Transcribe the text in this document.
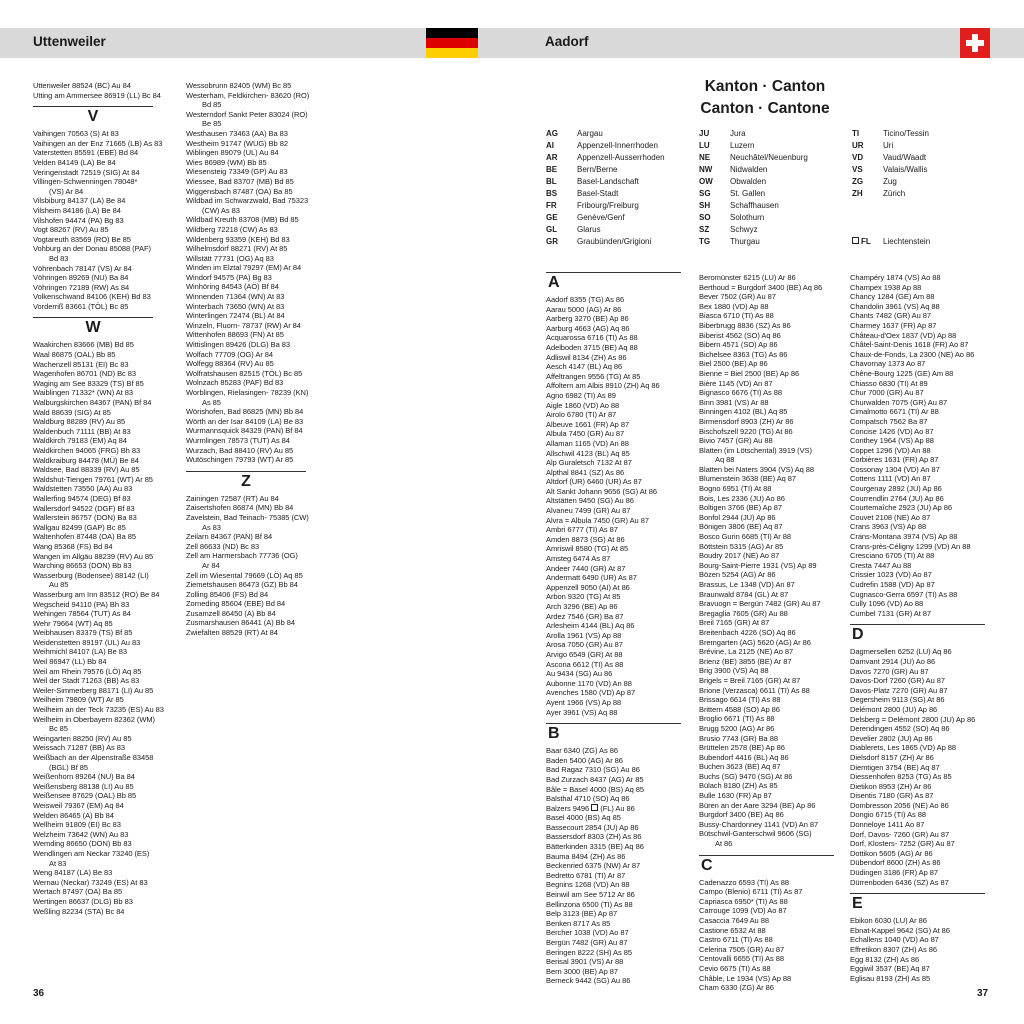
Uttenweiler	Aadorf
Uttenweiler 88524 (BC) Au 84
Utting am Ammersee 86919 (LL) Bc 84
V
Vaihingen 70563 (S) At 83
Vaihingen an der Enz 71665 (LB) As 83
Vaterstetten 85591 (EBE) Bd 84
Velden 84149 (LA) Be 84
Veringenstadt 72519 (SIG) At 84
Villingen-Schwenningen 78048*
(VS) Ar 84
Vilsbiburg 84137 (LA) Be 84
Vilsheim 84186 (LA) Be 84
Vilshofen 94474 (PA) Bg 83
Vogt 88267 (RV) Au 85
Vogtareuth 83569 (RO) Be 85
Vohburg an der Donau 85088 (PAF)
Bd 83
Vöhrenbach 78147 (VS) Ar 84
Vöhringen 89269 (NU) Ba 84
Vöhringen 72189 (RW) As 84
Volkenschwand 84106 (KEH) Bd 83
Vorderriß 83661 (TÖL) Bc 85
W
Waakirchen 83666 (MB) Bd 85
Waal 86875 (OAL) Bb 85
Wachenzell 85131 (EI) Bc 83
Wagenhofen 86701 (ND) Bc 83
Waging am See 83329 (TS) Bf 85
Waiblingen 71332* (WN) At 83
Walburgskirchen 84367 (PAN) Bf 84
Wald 88639 (SIG) At 85
Waldburg 88289 (RV) Au 85
Waldenbuch 71111 (BB) At 83
Waldkirch 79183 (EM) Aq 84
Waldkirchen 94065 (FRG) Bh 83
Waldkraiburg 84478 (MÜ) Be 84
Waldsee, Bad 88339 (RV) Au 85
Waldshut-Tiengen 79761 (WT) Ar 85
Waldstetten 73550 (AA) Au 83
Wallerfing 94574 (DEG) Bf 83
Wallersdorf 94522 (DGF) Bf 83
Wallerstein 86757 (DON) Ba 83
Wallgau 82499 (GAP) Bc 85
Waltenhofen 87448 (OA) Ba 85
Wang 85368 (FS) Bd 84
Wangen im Allgäu 88239 (RV) Au 85
Warching 86653 (DON) Bb 83
Wasserburg (Bodensee) 88142 (LI)
Au 85
Wasserburg am Inn 83512 (RO) Be 84
Wegscheid 94110 (PA) Bh 83
Wehingen 78564 (TUT) As 84
Wehr 79664 (WT) Aq 85
Weibhausen 83379 (TS) Bf 85
Weidenstetten 89197 (UL) Au 83
Weihmichl 84107 (LA) Be 83
Weil 86947 (LL) Bb 84
Weil am Rhein 79576 (LÖ) Aq 85
Weil der Stadt 71263 (BB) As 83
Weiler-Simmerberg 88171 (LI) Au 85
Weilheim 79809 (WT) Ar 85
Weilheim an der Teck 73235 (ES) Au 83
Weilheim in Oberbayern 82362 (WM)
Bc 85
Weingarten 88250 (RV) Au 85
Weissach 71287 (BB) As 83
Weißbach an der Alpenstraße 83458
(BGL) Bf 85
Weißenhorn 89264 (NU) Ba 84
Weißensberg 88138 (LI) Au 85
Weißensee 87629 (OAL) Bb 85
Weisweil 79367 (EM) Aq 84
Welden 86465 (A) Bb 84
Wellheim 91809 (EI) Bc 83
Welzheim 73642 (WN) Au 83
Wemding 86650 (DON) Bb 83
Wendlingen am Neckar 73240 (ES)
At 83
Weng 84187 (LA) Be 83
Wernau (Neckar) 73249 (ES) At 83
Wertach 87497 (OA) Ba 85
Wertingen 86637 (DLG) Bb 83
Weßling 82234 (STA) Bc 84
Wessobrunn 82405 (WM) Bc 85
Westerham, Feldkirchen- 83620 (RO)
Bd 85
Westerndorf Sankt Peter 83024 (RO)
Be 85
Westhausen 73463 (AA) Ba 83
Westheim 91747 (WUG) Bb 82
Wiblingen 89079 (UL) Au 84
Wies 86989 (WM) Bb 85
Wiesensteig 73349 (GP) Au 83
Wiessee, Bad 83707 (MB) Bd 85
Wiggensbach 87487 (OA) Ba 85
Wildbad im Schwarzwald, Bad 75323
(CW) As 83
Wildbad Kreuth 83708 (MB) Bd 85
Wildberg 72218 (CW) As 83
Wildenberg 93359 (KEH) Bd 83
Wilhelmsdorf 88271 (RV) At 85
Willstätt 77731 (OG) Aq 83
Winden im Elztal 79297 (EM) Ar 84
Windorf 94575 (PA) Bg 83
Winhöring 84543 (AÖ) Bf 84
Winnenden 71364 (WN) At 83
Winterbach 73650 (WN) At 83
Winterlingen 72474 (BL) At 84
Winzeln, Fluorn- 78737 (RW) Ar 84
Wittenhofen 88693 (FN) At 85
Wittislingen 89426 (DLG) Ba 83
Wolfach 77709 (OG) Ar 84
Wolfegg 88364 (RV) Au 85
Wolfratshausen 82515 (TÖL) Bc 85
Wolnzach 85283 (PAF) Bd 83
Worblingen, Rielasingen- 78239 (KN)
As 85
Wörishofen, Bad 86825 (MN) Bb 84
Wörth an der Isar 84109 (LA) Be 83
Wurmannsquick 84329 (PAN) Bf 84
Wurmlingen 78573 (TUT) As 84
Wurzach, Bad 88410 (RV) Au 85
Wutöschingen 79793 (WT) Ar 85
Z
Zainingen 72587 (RT) Au 84
Zaisertshofen 86874 (MN) Bb 84
Zavelstein, Bad Teinach- 75385 (CW)
As 83
Zeilarn 84367 (PAN) Bf 84
Zell 86633 (ND) Bc 83
Zell am Harmersbach 77736 (OG)
Ar 84
Zell im Wiesental 79669 (LÖ) Aq 85
Ziemetshausen 86473 (GZ) Bb 84
Zolling 85406 (FS) Bd 84
Zorneding 85604 (EBE) Bd 84
Zusamzell 86450 (A) Bb 84
Zusmarshausen 86441 (A) Bb 84
Zwiefalten 88529 (RT) At 84
Kanton · Canton
Canton · Cantone
AG	Aargau
AI	Appenzell-Innerrhoden
AR	Appenzell-Ausserrhoden
BE	Bern/Berne
BL	Basel-Landschaft
BS	Basel-Stadt
FR	Fribourg/Freiburg
GE	Genève/Genf
GL	Glarus
GR	Graubünden/Grigioni
JU	Jura
LU	Luzern
NE	Neuchâtel/Neuenburg
NW	Nidwalden
OW	Obwalden
SG	St. Gallen
SH	Schaffhausen
SO	Solothurn
SZ	Schwyz
TG	Thurgau
TI	Ticino/Tessin
UR	Uri
VD	Vaud/Waadt
VS	Valais/Wallis
ZG	Zug
ZH	Zürich

FL	Liechtenstein
A
Aadorf 8355 (TG) As 86
Aarau 5000 (AG) Ar 86
Aarberg 3270 (BE) Ap 86
Aarburg 4663 (AG) Aq 86
Acquarossa 6716 (TI) As 88
Adelboden 3715 (BE) Aq 88
Adliswil 8134 (ZH) As 86
Aesch 4147 (BL) Aq 86
Affeltrangen 9556 (TG) At 85
Affoltern am Albis 8910 (ZH) Aq 86
Agno 6982 (TI) As 89
Aigle 1860 (VD) Ao 88
Airolo 6780 (TI) Ar 87
Albeuve 1661 (FR) Ap 87
Albula 7450 (GR) Au 87
Allaman 1165 (VD) An 88
Allschwil 4123 (BL) Aq 85
Alp Guraletsch 7132 At 87
Alpthal 8841 (SZ) As 86
Altdorf (UR) 6460 (UR) As 87
Alt Sankt Johann 9656 (SG) At 86
Altstätten 9450 (SG) Au 86
Alvaneu 7499 (GR) Au 87
Alvra = Albula 7450 (GR) Au 87
Ambri 6777 (TI) As 87
Amden 8873 (SG) At 86
Amriswil 8580 (TG) At 85
Amsteg 6474 As 87
Andeer 7440 (GR) At 87
Andermatt 6490 (UR) As 87
Appenzell 9050 (AI) At 86
Arbon 9320 (TG) At 85
Arch 3296 (BE) Ap 86
Ardez 7546 (GR) Ba 87
Arlesheim 4144 (BL) Aq 86
Arolla 1961 (VS) Ap 88
Arosa 7050 (GR) Au 87
Arvigo 6549 (GR) At 88
Ascona 6612 (TI) As 88
Au 9434 (SG) Au 86
Aubonne 1170 (VD) An 88
Avenches 1580 (VD) Ap 87
Ayent 1966 (VS) Ap 88
Ayer 3961 (VS) Aq 88
B
Baar 6340 (ZG) As 86
Baden 5400 (AG) Ar 86
Bad Ragaz 7310 (SG) Au 86
Bad Zurzach 8437 (AG) Ar 85
Bâle = Basel 4000 (BS) Aq 85
Balsthal 4710 (SO) Aq 86
Balzers 9496  (FL) Au 86
Basel 4000 (BS) Aq 85
Bassecourt 2854 (JU) Ap 86
Bassersdorf 8303 (ZH) As 86
Bätterkinden 3315 (BE) Aq 86
Bauma 8494 (ZH) As 86
Beckenried 6375 (NW) Ar 87
Bedretto 6781 (TI) Ar 87
Begnins 1268 (VD) An 88
Beinwil am See 5712 Ar 86
Bellinzona 6500 (TI) As 88
Belp 3123 (BE) Ap 87
Benken 8717 As 85
Bercher 1038 (VD) Ao 87
Bergün 7482 (GR) Au 87
Beringen 8222 (SH) As 85
Berisal 3901 (VS) Ar 88
Bern 3000 (BE) Ap 87
Berneck 9442 (SG) Au 86
Beromünster 6215 (LU) Ar 86
Berthoud = Burgdorf 3400 (BE) Aq 86
Bever 7502 (GR) Au 87
Bex 1880 (VD) Ap 88
Biasca 6710 (TI) As 88
Biberbrugg 8836 (SZ) As 86
Biberist 4562 (SO) Aq 86
Bibern 4571 (SO) Ap 86
Bichelsee 8363 (TG) As 86
Biel 2500 (BE) Ap 86
Bienne = Biel 2500 (BE) Ap 86
Bière 1145 (VD) An 87
Bignasco 6676 (TI) As 88
Binn 3981 (VS) Ar 88
Binningen 4102 (BL) Aq 85
Birmensdorf 8903 (ZH) Ar 86
Bischofszell 9220 (TG) At 86
Bivio 7457 (GR) Au 88
Blatten (im Lötschental) 3919 (VS)
Aq 88
Blatten bei Naters 3904 (VS) Aq 88
Blumenstein 3638 (BE) Aq 87
Bogno 6951 (TI) At 88
Bois, Les 2336 (JU) Ao 86
Boltigen 3766 (BE) Ap 87
Bonfol 2944 (JU) Ap 86
Bönigen 3806 (BE) Aq 87
Bosco Gurin 6685 (TI) Ar 88
Böttstein 5315 (AG) Ar 85
Boudry 2017 (NE) Ao 87
Bourg-Saint-Pierre 1931 (VS) Ap 89
Bözen 5254 (AG) Ar 86
Brassus, Le 1348 (VD) An 87
Braunwald 8784 (GL) At 87
Bravuogn = Bergün 7482 (GR) Au 87
Bregaglia 7605 (GR) Au 88
Breil 7165 (GR) At 87
Breitenbach 4226 (SO) Aq 86
Bremgarten (AG) 5620 (AG) Ar 86
Brévine, La 2125 (NE) Ao 87
Brienz (BE) 3855 (BE) Ar 87
Brig 3900 (VS) Aq 88
Brigels = Breil 7165 (GR) At 87
Brione (Verzasca) 6611 (TI) As 88
Brissago 6614 (TI) As 88
Brittern 4588 (SO) Ap 86
Broglio 6671 (TI) As 88
Brugg 5200 (AG) Ar 86
Brusio 7743 (GR) Ba 88
Brüttelen 2578 (BE) Ap 86
Bubendorf 4416 (BL) Aq 86
Buchen 3623 (BE) Aq 87
Buchs (SG) 9470 (SG) At 86
Bülach 8180 (ZH) As 85
Bulle 1630 (FR) Ap 87
Büren an der Aare 3294 (BE) Ap 86
Burgdorf 3400 (BE) Aq 86
Bussy-Chardonney 1141 (VD) An 87
Bütschwil-Ganterschwil 9606 (SG)
At 86
C
Cadenazzo 6593 (TI) As 88
Campo (Blenio) 6711 (TI) As 87
Capriasca 6950* (TI) As 88
Carrouge 1099 (VD) Ao 87
Casaccia 7649 Au 88
Castione 6532 At 88
Castro 6711 (TI) As 88
Celerina 7505 (GR) Au 87
Centovalli 6655 (TI) As 88
Cevio 6675 (TI) As 88
Châble, Le 1934 (VS) Ap 88
Cham 6330 (ZG) Ar 86
Champéry 1874 (VS) Ao 88
Champex 1938 Ap 88
Chancy 1284 (GE) Am 88
Chandolin 3961 (VS) Aq 88
Chants 7482 (GR) Au 87
Charmey 1637 (FR) Ap 87
Château-d'Oex 1837 (VD) Ap 88
Châtel-Saint-Denis 1618 (FR) Ao 87
Chaux-de-Fonds, La 2300 (NE) Ao 86
Chavornay 1373 Ao 87
Chêne-Bourg 1225 (GE) Am 88
Chiasso 6830 (TI) At 89
Chur 7000 (GR) Au 87
Churwalden 7075 (GR) Au 87
Cimalmotto 6671 (TI) Ar 88
Compatsch 7562 Ba 87
Concise 1426 (VD) Ao 87
Conthey 1964 (VS) Ap 88
Coppet 1296 (VD) An 88
Corbières 1631 (FR) Ap 87
Cossonay 1304 (VD) An 87
Cottens 1111 (VD) An 87
Courgenay 2892 (JU) Ap 86
Courrendlin 2764 (JU) Ap 86
Courtemaîche 2923 (JU) Ap 86
Couvet 2108 (NE) Ao 87
Crans 3963 (VS) Ap 88
Crans-Montana 3974 (VS) Ap 88
Crans-près-Céligny 1299 (VD) An 88
Cresciano 6705 (TI) At 88
Cresta 7447 Au 88
Crissier 1023 (VD) Ao 87
Cudrefin 1588 (VD) Ap 87
Cugnasco-Gerra 6597 (TI) As 88
Cully 1096 (VD) Ao 88
Cumbel 7131 (GR) At 87
D
Dagmersellen 6252 (LU) Aq 86
Damvant 2914 (JU) Ao 86
Davos 7270 (GR) Au 87
Davos-Dorf 7260 (GR) Au 87
Davos-Platz 7270 (GR) Au 87
Degersheim 9113 (SG) At 86
Delémont 2800 (JU) Ap 86
Delsberg = Delémont 2800 (JU) Ap 86
Derendingen 4552 (SO) Aq 86
Develier 2802 (JU) Ap 86
Diablerets, Les 1865 (VD) Ap 88
Dielsdorf 8157 (ZH) Ar 86
Diemtigen 3754 (BE) Aq 87
Diessenhofen 8253 (TG) As 85
Dietikon 8953 (ZH) Ar 86
Disentis 7180 (GR) As 87
Dombresson 2056 (NE) Ao 86
Dongio 6715 (TI) As 88
Donneloye 1411 Ao 87
Dorf, Davos- 7260 (GR) Au 87
Dorf, Klosters- 7252 (GR) Au 87
Dottikon 5605 (AG) Ar 86
Dübendorf 8600 (ZH) As 86
Düdingen 3186 (FR) Ap 87
Dürrenboden 6436 (SZ) As 87
E
Ebikon 6030 (LU) Ar 86
Ebnat-Kappel 9642 (SG) At 86
Echallens 1040 (VD) Ao 87
Effretikon 8307 (ZH) As 86
Egg 8132 (ZH) As 86
Eggiwil 3537 (BE) Aq 87
Eglisau 8193 (ZH) As 85
36	37
